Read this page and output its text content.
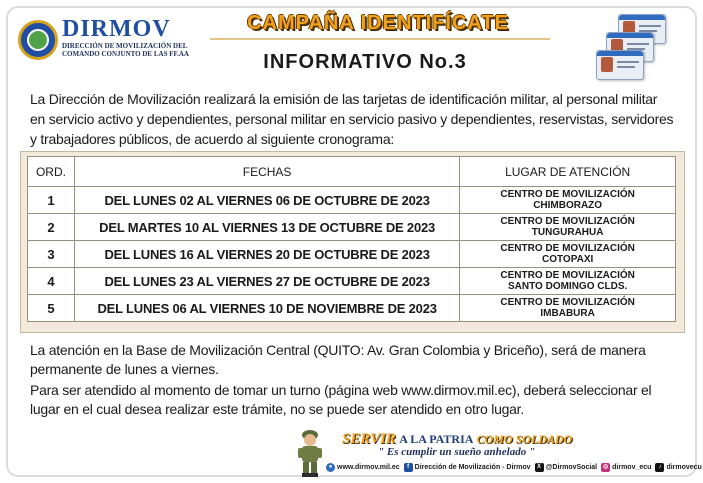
DIRMOV
DIRECCIÓN DE MOVILIZACIÓN DEL COMANDO CONJUNTO DE LAS FF.AA
CAMPAÑA IDENTIFÍCATE
INFORMATIVO No.3
La Dirección de Movilización realizará la emisión de las tarjetas de identificación militar, al personal militar en servicio activo y dependientes, personal militar en servicio pasivo y dependientes, reservistas, servidores y trabajadores públicos, de acuerdo al siguiente cronograma:
ORD.	FECHAS	LUGAR DE ATENCIÓN
1	DEL LUNES 02 AL VIERNES 06 DE OCTUBRE DE 2023	CENTRO DE MOVILIZACIÓN
CHIMBORAZO

2	DEL MARTES 10 AL VIERNES 13 DE OCTUBRE DE 2023	CENTRO DE MOVILIZACIÓN
TUNGURAHUA

3	DEL LUNES 16 AL VIERNES 20 DE OCTUBRE DE 2023	CENTRO DE MOVILIZACIÓN
COTOPAXI

4	DEL LUNES 23 AL VIERNES 27 DE OCTUBRE DE 2023	CENTRO DE MOVILIZACIÓN
SANTO DOMINGO CLDS.

5	DEL LUNES 06 AL VIERNES 10 DE NOVIEMBRE DE 2023	CENTRO DE MOVILIZACIÓN
IMBABURA
La atención en la Base de Movilización Central (QUITO: Av. Gran Colombia y Briceño), será de manera permanente de lunes a viernes.
Para ser atendido al momento de tomar un turno (página web www.dirmov.mil.ec), deberá seleccionar el lugar en el cual desea realizar este trámite, no se puede ser atendido en otro lugar.
SERVIR A LA PATRIA COMO SOLDADO
" Es cumplir un sueño anhelado "
● www.dirmov.mil.ec	f Dirección de Movilización - Dirmov	X @DirmovSocial ◎ dirmov_ecu	♪ dirmovecu
